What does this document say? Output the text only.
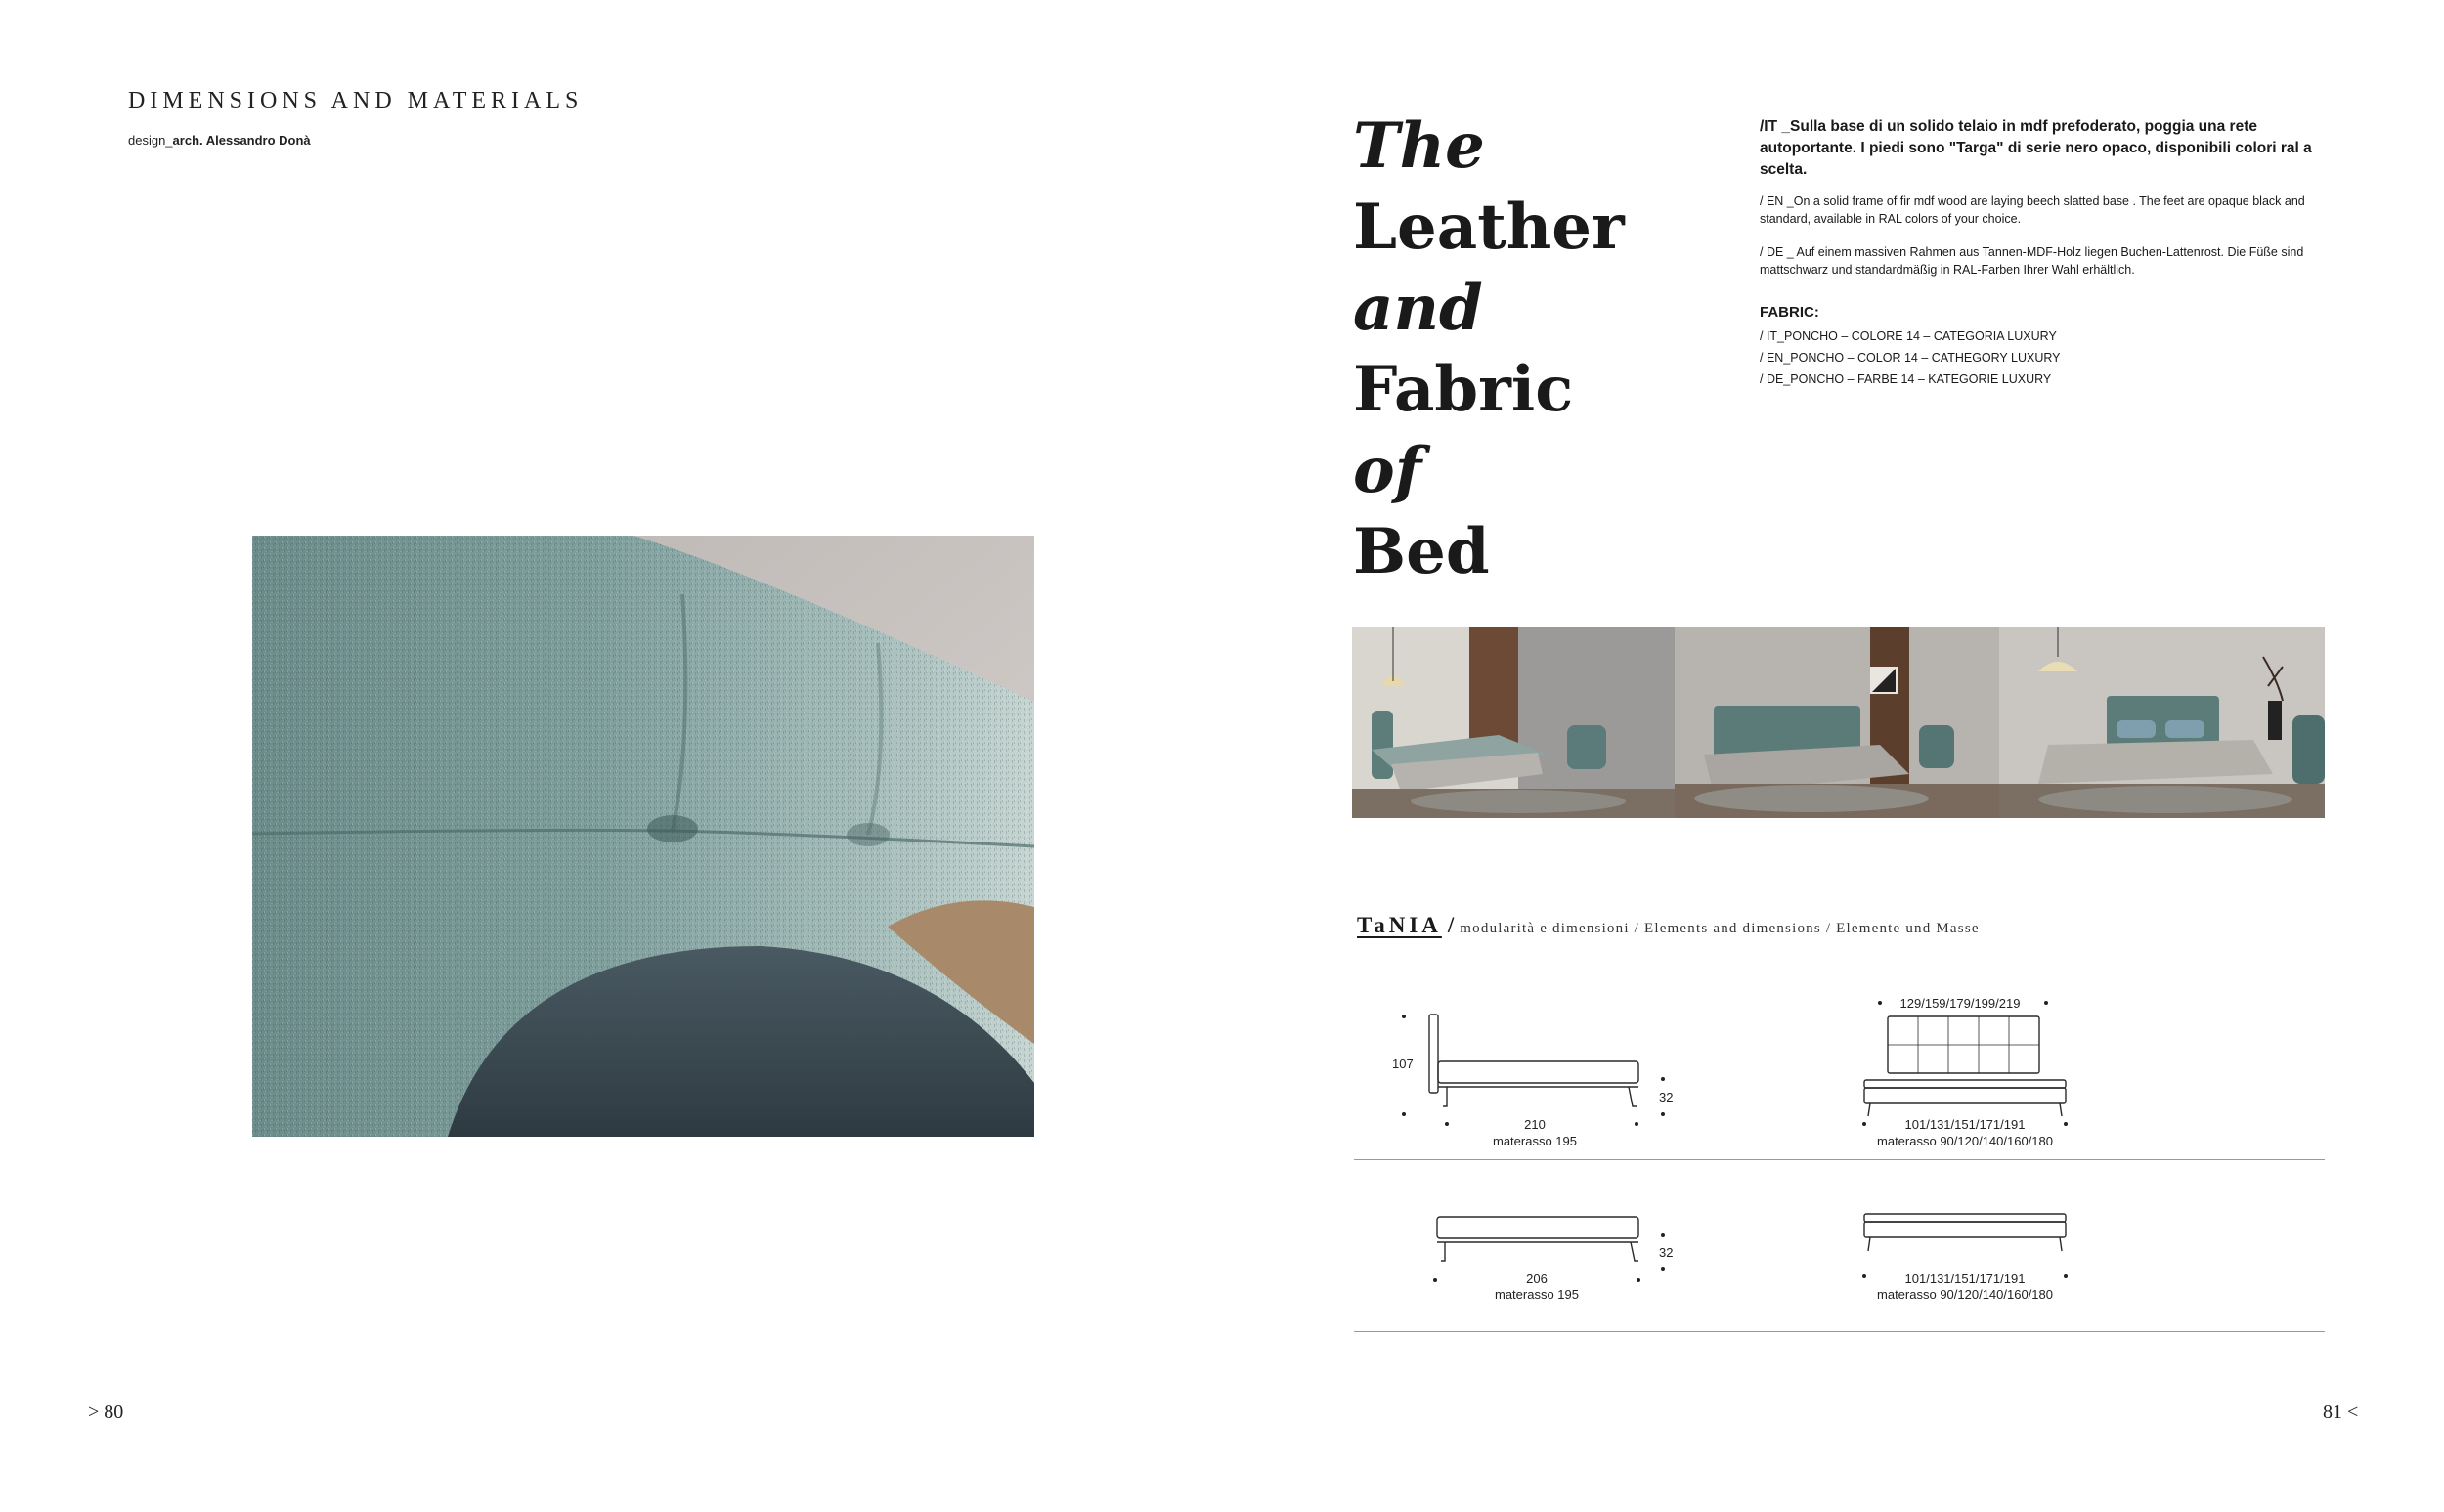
DIMENSIONS AND MATERIALS
design_arch. Alessandro Donà
> 80
The
Leather
and
Fabric
of
Bed

/IT _Sulla base di un solido telaio in mdf prefoderato, poggia una rete autoportante. I piedi sono "Targa" di serie nero opaco, disponibili colori ral a scelta.

/ EN _On a solid frame of fir mdf wood are laying beech slatted base . The feet are opaque black and standard, available in RAL colors of your choice.

/ DE _ Auf einem massiven Rahmen aus Tannen-MDF-Holz liegen Buchen-Lattenrost. Die Füße sind mattschwarz und standardmäßig in RAL-Farben Ihrer Wahl erhältlich.

FABRIC:

/ IT_PONCHO – COLORE 14 – CATEGORIA LUXURY

/ EN_PONCHO – COLOR 14 – CATHEGORY LUXURY

/ DE_PONCHO – FARBE 14 – KATEGORIE LUXURY

TaNIA / modularità e dimensioni / Elements and dimensions / Elemente und Masse
107
32
210
materasso 195
129/159/179/199/219
101/131/151/171/191
materasso 90/120/140/160/180
32
206
materasso 195
101/131/151/171/191
materasso 90/120/140/160/180
81 <
